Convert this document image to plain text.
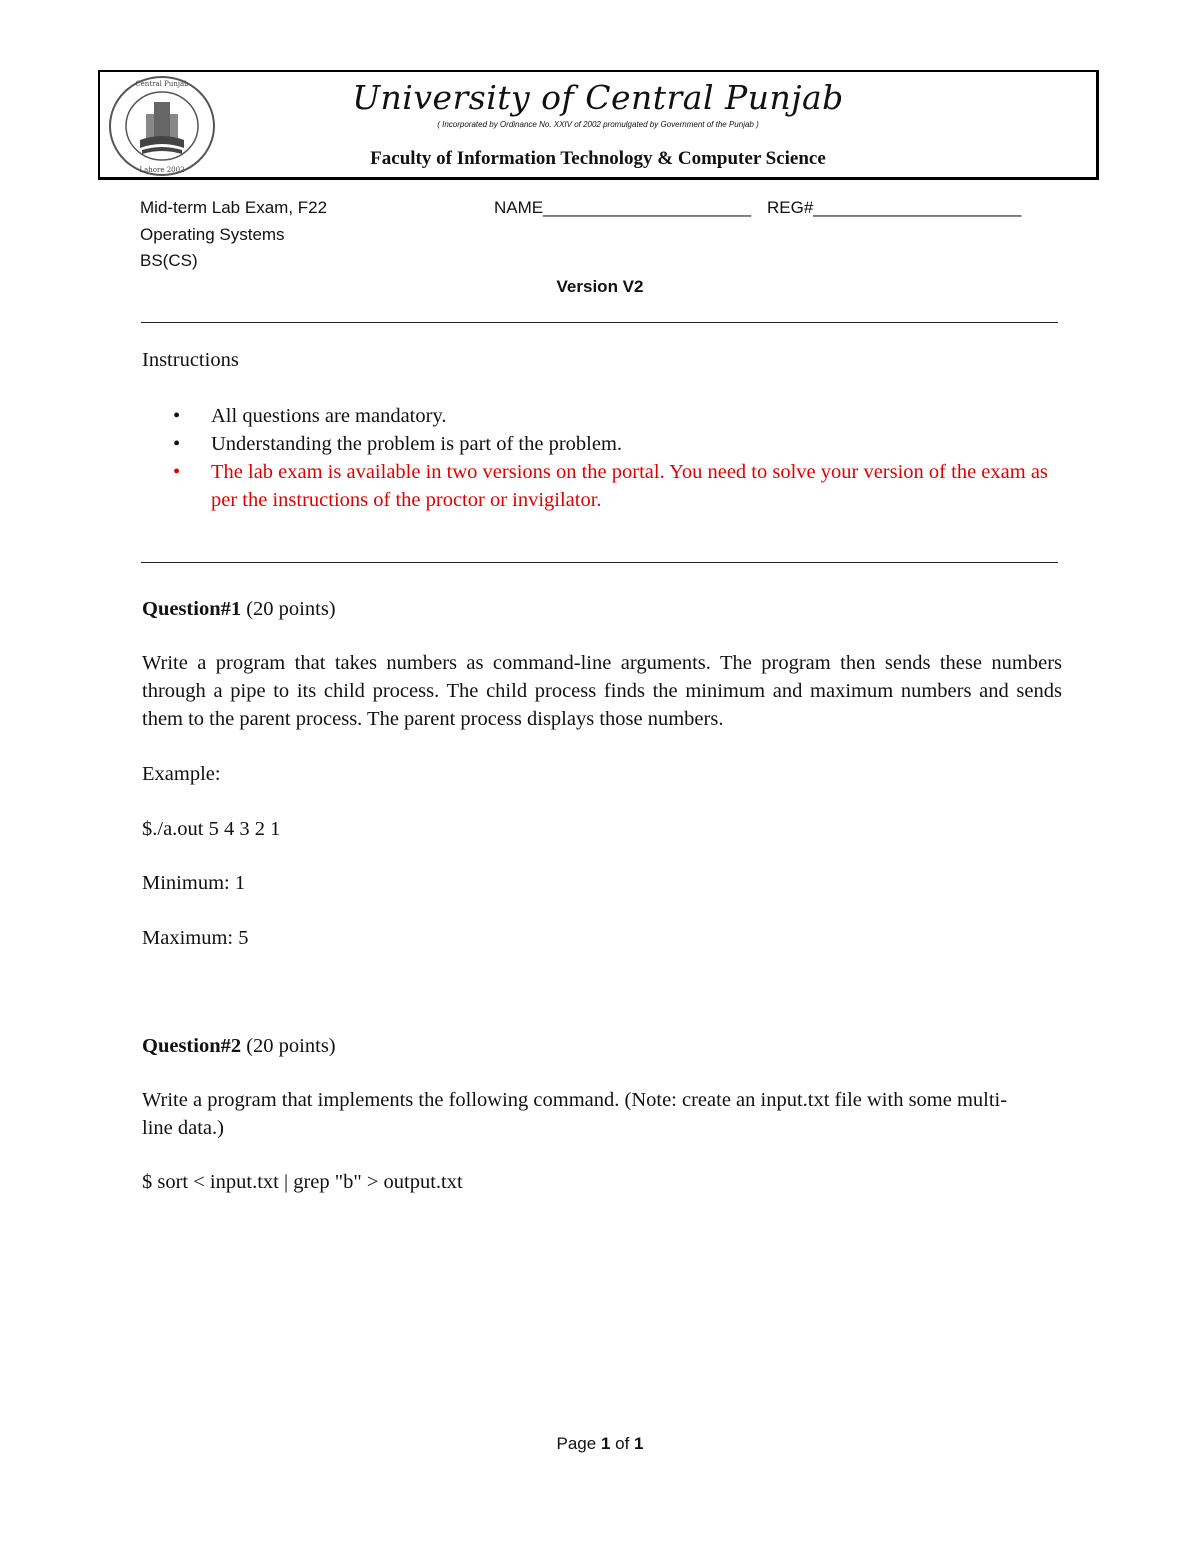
Central Punjab
Lahore 2002
University of Central Punjab
( Incorporated by Ordinance No. XXIV of 2002 promulgated by Government of the Punjab )
Faculty of Information Technology & Computer Science
Mid-term Lab Exam, F22	NAME______________________ REG#______________________
Operating Systems
BS(CS)
Version V2
Instructions
• All questions are mandatory.
• Understanding the problem is part of the problem.
• The lab exam is available in two versions on the portal. You need to solve your version of the exam as per the instructions of the proctor or invigilator.
Question#1 (20 points)
Write a program that takes numbers as command-line arguments. The program then sends these numbers through a pipe to its child process. The child process finds the minimum and maximum numbers and sends them to the parent process. The parent process displays those numbers.
Example:
$./a.out 5 4 3 2 1
Minimum: 1
Maximum: 5
Question#2 (20 points)
Write a program that implements the following command. (Note: create an input.txt file with some multi-line data.)
$ sort < input.txt | grep "b" > output.txt
Page 1 of 1
